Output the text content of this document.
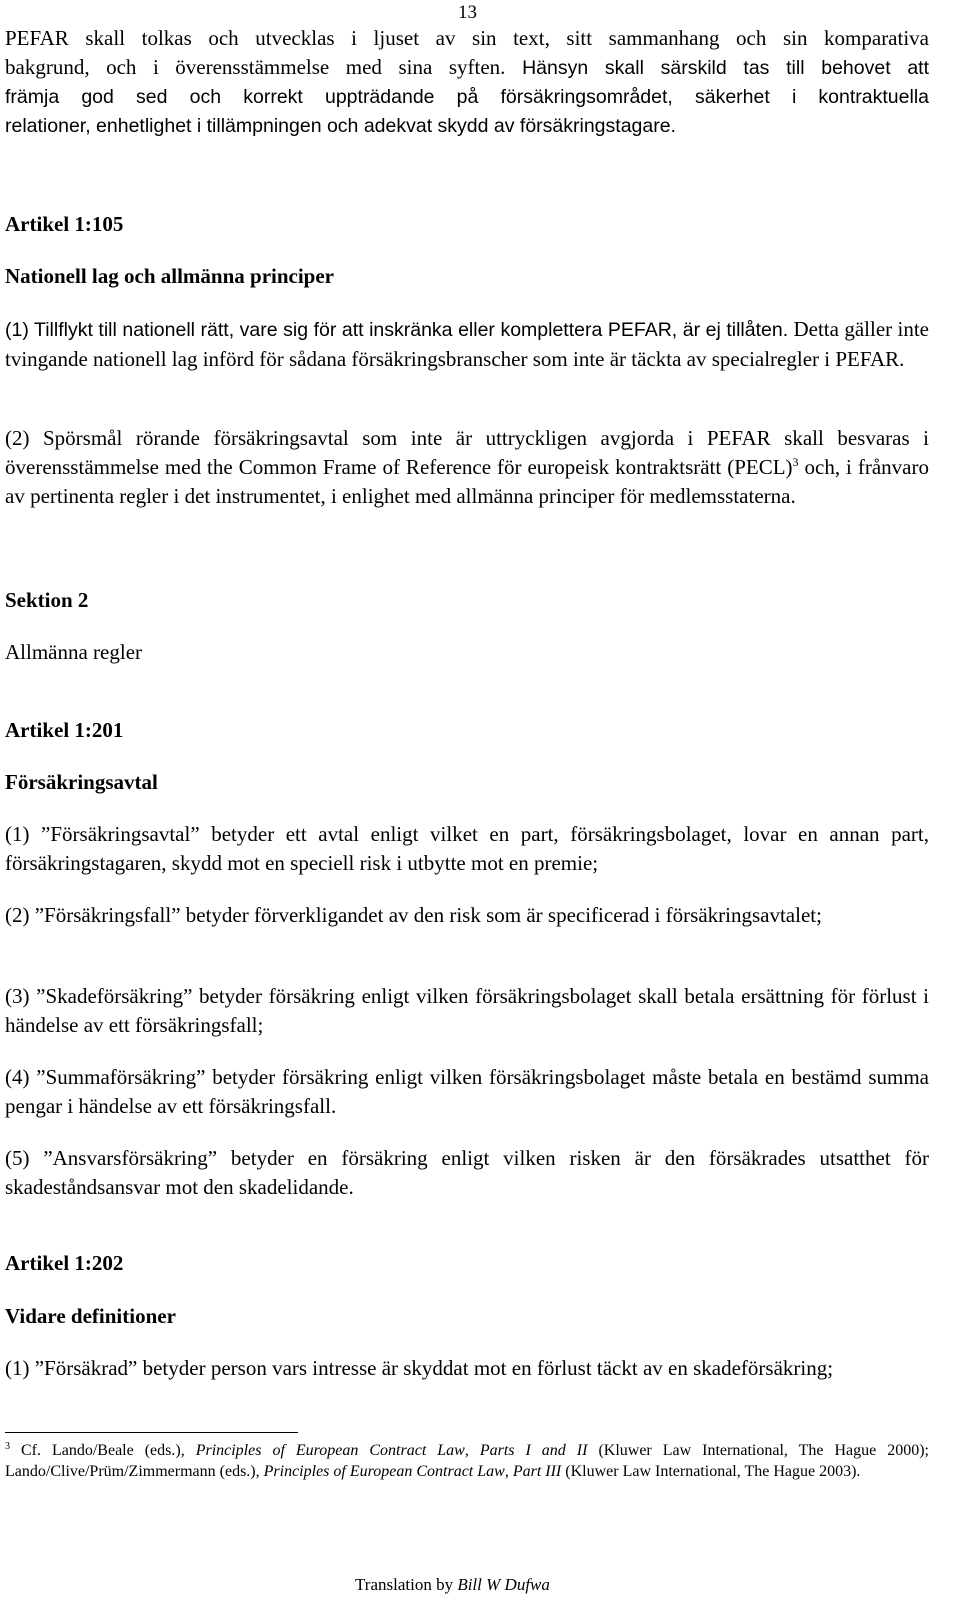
13
PEFAR skall tolkas och utvecklas i ljuset av sin text, sitt sammanhang och sin komparativa
bakgrund, och i överensstämmelse med sina syften. Hänsyn skall särskild tas till behovet att
främja god sed och korrekt uppträdande på försäkringsområdet, säkerhet i kontraktuella
relationer, enhetlighet i tillämpningen och adekvat skydd av försäkringstagare.
Artikel 1:105
Nationell lag och allmänna principer
(1) Tillflykt till nationell rätt, vare sig för att inskränka eller komplettera PEFAR, är ej tillåten. Detta gäller inte tvingande nationell lag införd för sådana försäkringsbranscher som inte är täckta av specialregler i PEFAR.
(2) Spörsmål rörande försäkringsavtal som inte är uttryckligen avgjorda i PEFAR skall besvaras i överensstämmelse med the Common Frame of Reference för europeisk kontraktsrätt (PECL)$^3$ och, i frånvaro av pertinenta regler i det instrumentet, i enlighet med allmänna principer för medlemsstaterna.
Sektion 2
Allmänna regler
Artikel 1:201
Försäkringsavtal
(1) ”Försäkringsavtal” betyder ett avtal enligt vilket en part, försäkringsbolaget, lovar en annan part, försäkringstagaren, skydd mot en speciell risk i utbytte mot en premie;
(2) ”Försäkringsfall” betyder förverkligandet av den risk som är specificerad i försäkringsavtalet;
(3) ”Skadeförsäkring” betyder försäkring enligt vilken försäkringsbolaget skall betala ersättning för förlust i händelse av ett försäkringsfall;
(4) ”Summaförsäkring” betyder försäkring enligt vilken försäkringsbolaget måste betala en bestämd summa pengar i händelse av ett försäkringsfall.
(5) ”Ansvarsförsäkring” betyder en försäkring enligt vilken risken är den försäkrades utsatthet för skadeståndsansvar mot den skadelidande.
Artikel 1:202
Vidare definitioner
(1) ”Försäkrad” betyder person vars intresse är skyddat mot en förlust täckt av en skadeförsäkring;
$^3$ Cf. Lando/Beale (eds.), Principles of European Contract Law, Parts I and II (Kluwer Law International, The Hague 2000); Lando/Clive/Prüm/Zimmermann (eds.), Principles of European Contract Law, Part III (Kluwer Law International, The Hague 2003).
Translation by Bill W Dufwa
